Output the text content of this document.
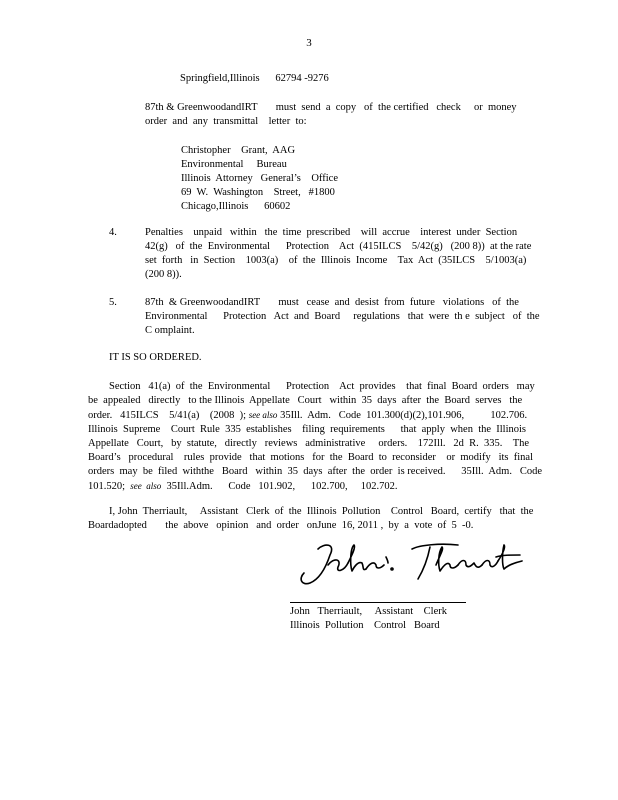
3
Springfield,Illinois      62794 -9276
87th & GreenwoodandIRT       must  send  a  copy   of  the certified   check     or  money
order  and  any  transmittal    letter  to:
Christopher    Grant,  AAG
Environmental     Bureau
Illinois  Attorney   General’s    Office
69  W.  Washington    Street,   #1800
Chicago,Illinois      60602
4.	Penalties    unpaid   within   the  time  prescribed    will  accrue    interest  under  Section
42(g)   of  the  Environmental      Protection    Act  (415ILCS    5/42(g)   (200 8))  at the rate
set  forth   in  Section    1003(a)    of  the  Illinois  Income    Tax  Act  (35ILCS    5/1003(a)
(200 8)).
5.	87th  & GreenwoodandIRT       must   cease  and  desist  from  future   violations   of  the
Environmental      Protection   Act  and  Board     regulations   that  were  th e  subject   of  the
C omplaint.
IT IS SO ORDERED.
Section   41(a)  of  the  Environmental      Protection    Act  provides    that  final  Board  orders   may
be  appealed   directly   to the Illinois  Appellate   Court   within  35  days  after  the  Board  serves   the
order.   415ILCS    5/41(a)    (2008  ); see also 35Ill.  Adm.   Code  101.300(d)(2),101.906,          102.706.
Illinois  Supreme    Court  Rule  335  establishes    filing  requirements      that  apply  when  the  Illinois
Appellate   Court,   by  statute,   directly   reviews   administrative     orders.    172Ill.   2d  R.  335.    The
Board’s   procedural    rules  provide   that  motions   for  the  Board  to  reconsider    or  modify   its  final
orders  may  be  filed  withthe   Board   within  35  days  after  the  order  is received.      35Ill.  Adm.   Code
101.520; see  also 35Ill.Adm.      Code   101.902,      102.700,     102.702.
I, John  Therriault,     Assistant   Clerk  of  the  Illinois  Pollution    Control   Board,  certify   that  the
Boardadopted       the  above   opinion   and  order   onJune  16, 2011 ,  by  a  vote  of  5  -0.
John   Therriault,     Assistant    Clerk
Illinois  Pollution    Control   Board
